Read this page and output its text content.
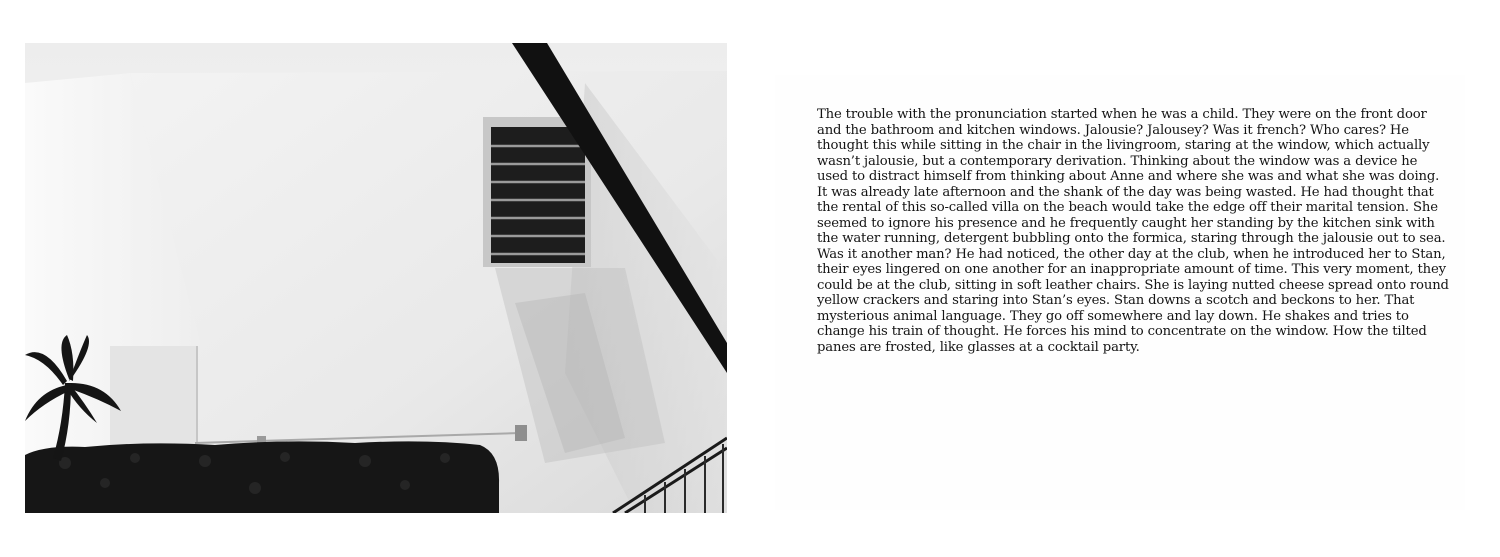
The trouble with the pronunciation started when he was a child. They were on the front door
and the bathroom and kitchen windows. Jalousie? Jalousey? Was it french? Who cares? He
thought this while sitting in the chair in the livingroom, staring at the window, which actually
wasn’t jalousie, but a contemporary derivation. Thinking about the window was a device he
used to distract himself from thinking about Anne and where she was and what she was doing.
It was already late afternoon and the shank of the day was being wasted. He had thought that
the rental of this so-called villa on the beach would take the edge off their marital tension. She
seemed to ignore his presence and he frequently caught her standing by the kitchen sink with
the water running, detergent bubbling onto the formica, staring through the jalousie out to sea.
Was it another man? He had noticed, the other day at the club, when he introduced her to Stan,
their eyes lingered on one another for an inappropriate amount of time. This very moment, they
could be at the club, sitting in soft leather chairs. She is laying nutted cheese spread onto round
yellow crackers and staring into Stan’s eyes. Stan downs a scotch and beckons to her. That
mysterious animal language. They go off somewhere and lay down. He shakes and tries to
change his train of thought. He forces his mind to concentrate on the window. How the tilted
panes are frosted, like glasses at a cocktail party.
